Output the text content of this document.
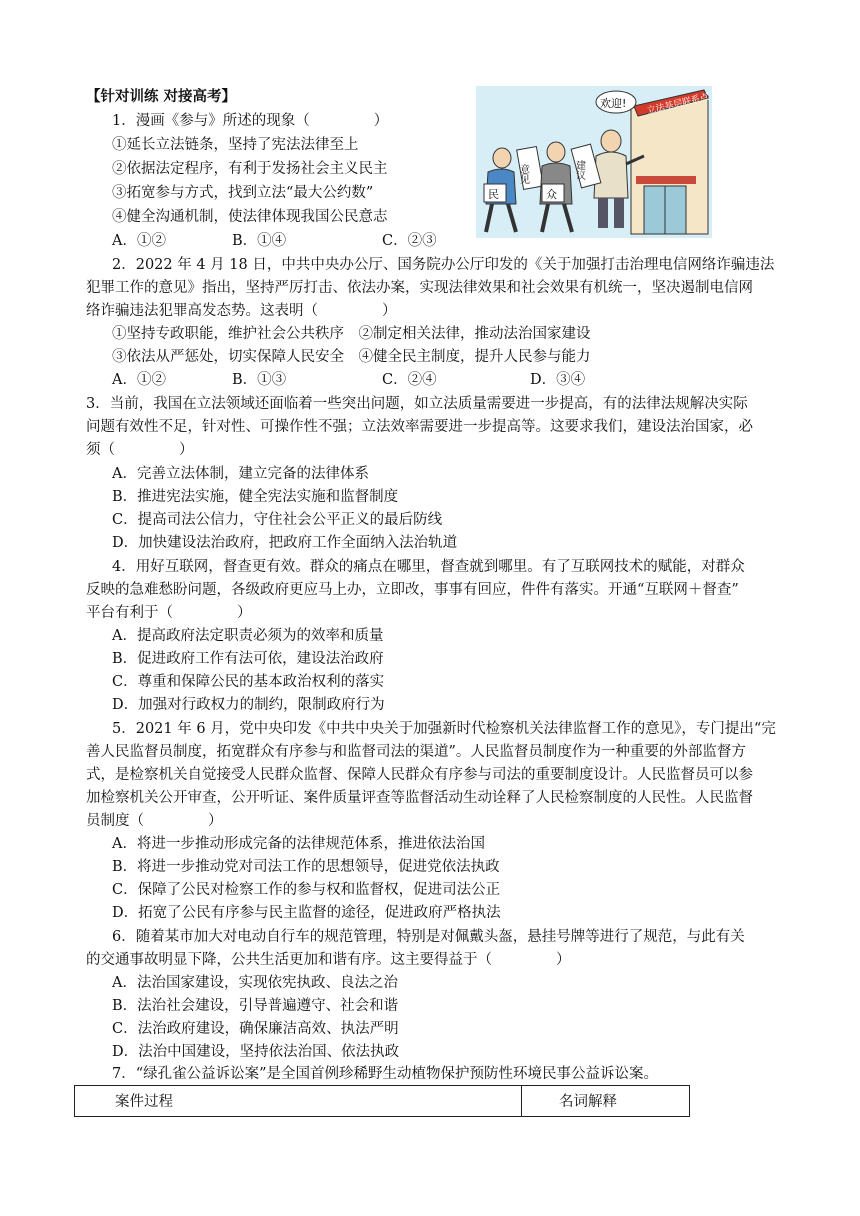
【针对训练 对接高考】	立法基层联系点
欢迎!
民
意见
众
建议
1．漫画《参与》所述的现象（	）
①延长立法链条，坚持了宪法法律至上
②依据法定程序，有利于发扬社会主义民主
③拓宽参与方式，找到立法“最大公约数”
④健全沟通机制，使法律体现我国公民意志
A．①②	B．①④	C．②③
2．2022 年 4 月 18 日，中共中央办公厅、国务院办公厅印发的《关于加强打击治理电信网络诈骗违法
犯罪工作的意见》指出，坚持严厉打击、依法办案，实现法律效果和社会效果有机统一，坚决遏制电信网
络诈骗违法犯罪高发态势。这表明（	）
①坚持专政职能，维护社会公共秩序　②制定相关法律，推动法治国家建设
③依法从严惩处，切实保障人民安全　④健全民主制度，提升人民参与能力
A．①②	B．①③	C．②④	D．③④
3．当前，我国在立法领域还面临着一些突出问题，如立法质量需要进一步提高，有的法律法规解决实际
问题有效性不足，针对性、可操作性不强；立法效率需要进一步提高等。这要求我们，建设法治国家，必
须（	）
A．完善立法体制，建立完备的法律体系
B．推进宪法实施，健全宪法实施和监督制度
C．提高司法公信力，守住社会公平正义的最后防线
D．加快建设法治政府，把政府工作全面纳入法治轨道
4．用好互联网，督查更有效。群众的痛点在哪里，督查就到哪里。有了互联网技术的赋能，对群众
反映的急难愁盼问题，各级政府更应马上办，立即改，事事有回应，件件有落实。开通“互联网＋督查”
平台有利于（	）
A．提高政府法定职责必须为的效率和质量
B．促进政府工作有法可依，建设法治政府
C．尊重和保障公民的基本政治权利的落实
D．加强对行政权力的制约，限制政府行为
5．2021 年 6 月，党中央印发《中共中央关于加强新时代检察机关法律监督工作的意见》，专门提出“完
善人民监督员制度，拓宽群众有序参与和监督司法的渠道”。人民监督员制度作为一种重要的外部监督方
式，是检察机关自觉接受人民群众监督、保障人民群众有序参与司法的重要制度设计。人民监督员可以参
加检察机关公开审查，公开听证、案件质量评查等监督活动生动诠释了人民检察制度的人民性。人民监督
员制度（	）
A．将进一步推动形成完备的法律规范体系，推进依法治国
B．将进一步推动党对司法工作的思想领导，促进党依法执政
C．保障了公民对检察工作的参与权和监督权，促进司法公正
D．拓宽了公民有序参与民主监督的途径，促进政府严格执法
6．随着某市加大对电动自行车的规范管理，特别是对佩戴头盔，悬挂号牌等进行了规范，与此有关
的交通事故明显下降，公共生活更加和谐有序。这主要得益于（	）
A．法治国家建设，实现依宪执政、良法之治
B．法治社会建设，引导普遍遵守、社会和谐
C．法治政府建设，确保廉洁高效、执法严明
D．法治中国建设，坚持依法治国、依法执政
7．“绿孔雀公益诉讼案”是全国首例珍稀野生动植物保护预防性环境民事公益诉讼案。
案件过程	名词解释
